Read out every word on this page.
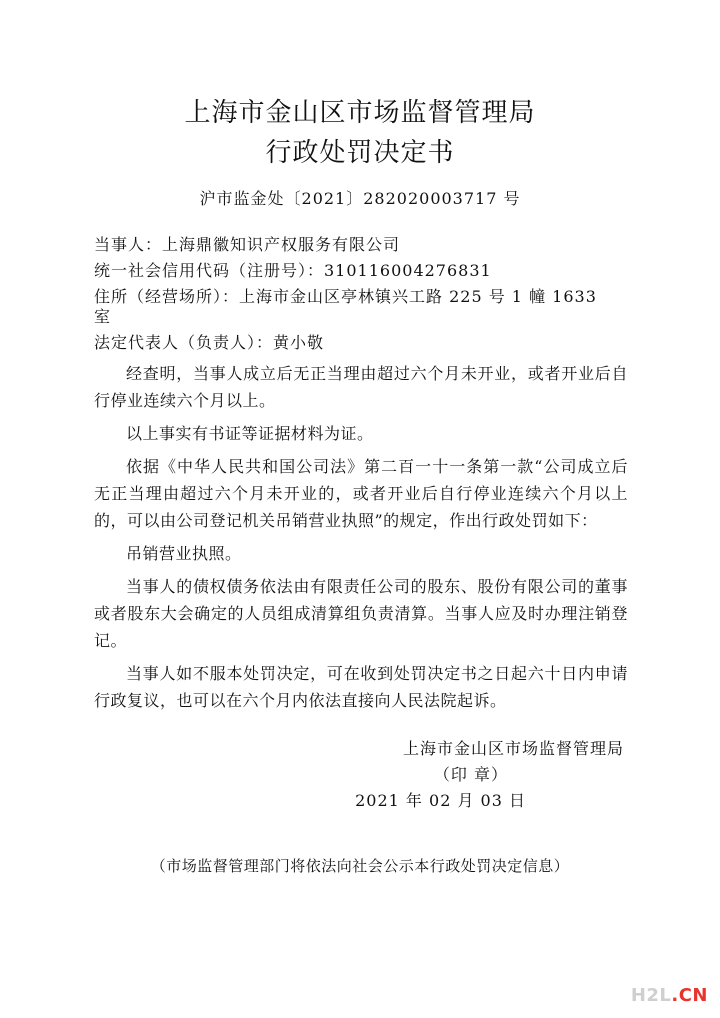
上海市金山区市场监督管理局
行政处罚决定书
沪市监金处〔2021〕282020003717 号
当事人：上海鼎徽知识产权服务有限公司
统一社会信用代码（注册号）：310116004276831
住所（经营场所）：上海市金山区亭林镇兴工路 225 号 1 幢 1633
室
法定代表人（负责人）：黄小敬

经查明，当事人成立后无正当理由超过六个月未开业，或者开业后自行停业连续六个月以上。

以上事实有书证等证据材料为证。

依据《中华人民共和国公司法》第二百一十一条第一款“公司成立后无正当理由超过六个月未开业的，或者开业后自行停业连续六个月以上的，可以由公司登记机关吊销营业执照”的规定，作出行政处罚如下：

吊销营业执照。

当事人的债权债务依法由有限责任公司的股东、股份有限公司的董事或者股东大会确定的人员组成清算组负责清算。当事人应及时办理注销登记。

当事人如不服本处罚决定，可在收到处罚决定书之日起六十日内申请行政复议，也可以在六个月内依法直接向人民法院起诉。

上海市金山区市场监督管理局
（印 章）
2021 年 02 月 03 日
（市场监督管理部门将依法向社会公示本行政处罚决定信息）
H2L.CN
